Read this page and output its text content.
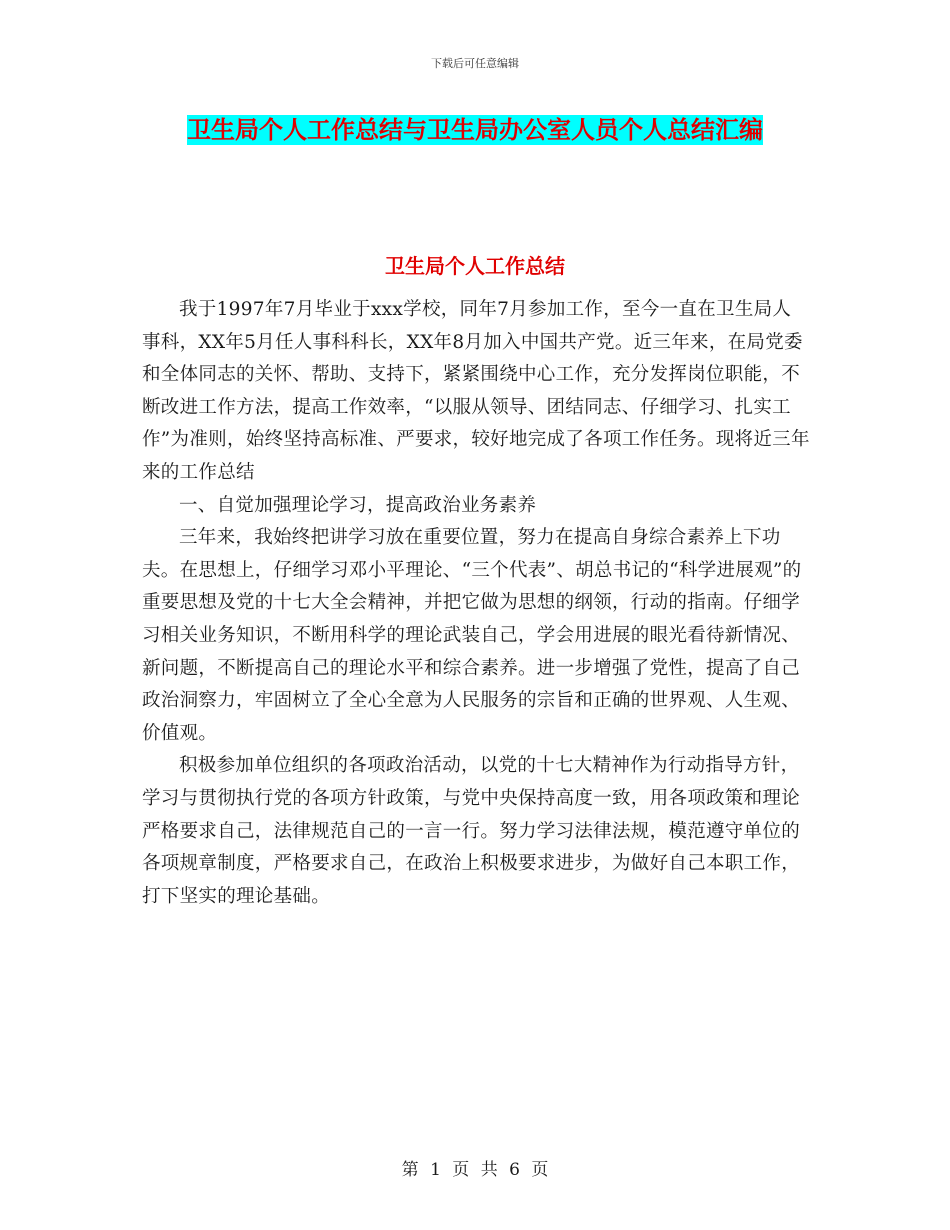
下载后可任意编辑
卫生局个人工作总结与卫生局办公室人员个人总结汇编
卫生局个人工作总结

我于1997年7月毕业于xxx学校，同年7月参加工作，至今一直在卫生局人事科，XX年5月任人事科科长，XX年8月加入中国共产党。近三年来，在局党委和全体同志的关怀、帮助、支持下，紧紧围绕中心工作，充分发挥岗位职能，不断改进工作方法，提高工作效率，“以服从领导、团结同志、仔细学习、扎实工作”为准则，始终坚持高标准、严要求，较好地完成了各项工作任务。现将近三年来的工作总结

一、自觉加强理论学习，提高政治业务素养

三年来，我始终把讲学习放在重要位置，努力在提高自身综合素养上下功夫。在思想上，仔细学习邓小平理论、“三个代表”、胡总书记的“科学进展观”的重要思想及党的十七大全会精神，并把它做为思想的纲领，行动的指南。仔细学习相关业务知识，不断用科学的理论武装自己，学会用进展的眼光看待新情况、新问题，不断提高自己的理论水平和综合素养。进一步增强了党性，提高了自己政治洞察力，牢固树立了全心全意为人民服务的宗旨和正确的世界观、人生观、价值观。

积极参加单位组织的各项政治活动，以党的十七大精神作为行动指导方针，学习与贯彻执行党的各项方针政策，与党中央保持高度一致，用各项政策和理论严格要求自己，法律规范自己的一言一行。努力学习法律法规，模范遵守单位的各项规章制度，严格要求自己，在政治上积极要求进步，为做好自己本职工作，打下坚实的理论基础。

第 1 页 共 6 页
